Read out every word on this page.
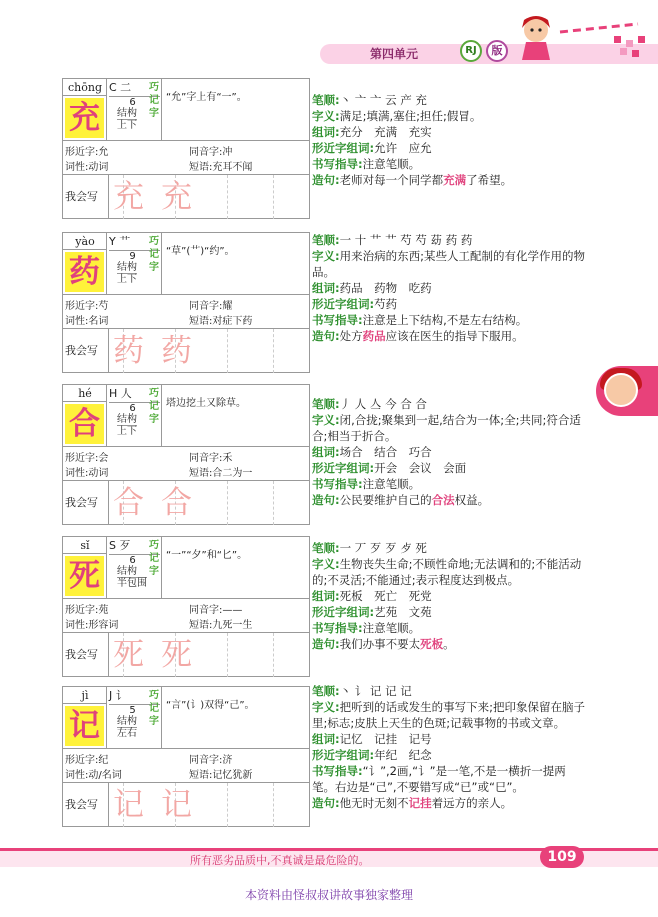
第四单元	RJ	版
chōng
充
C 二
6
结构
上下
巧记字
“允”字上有“一”。
形近字:允	同音字:冲
词性:动词	短语:充耳不闻
我会写 充 充
yào
药
Y 艹
9
结构
上下
巧记字
“草”(艹)“约”。
形近字:芍	同音字:耀
词性:名词	短语:对症下药
我会写 药 药
hé
合
H 人
6
结构
上下
巧记字
塔边挖土又除草。
形近字:会	同音字:禾
词性:动词	短语:合二为一
我会写 合 合
sǐ
死
S 歹
6
结构
半包围
巧记字
“一”“夕”和“匕”。
形近字:苑	同音字:——
词性:形容词	短语:九死一生
我会写 死 死
jì
记
J 讠
5
结构
左右
巧记字
“言”(讠)双得“己”。
形近字:纪	同音字:济
词性:动/名词	短语:记忆犹新
我会写 记 记
笔顺:丶 亠 亠 云 产 充
字义:满足;填满,塞住;担任;假冒。
组词:充分　充满　充实
形近字组词:允许　应允
书写指导:注意笔顺。
造句:老师对每一个同学都充满了希望。
笔顺:一 十 艹 艹 芍 芍 苭 药 药
字义:用来治病的东西;某些人工配制的有化学作用的物品。
组词:药品　药物　吃药
形近字组词:芍药
书写指导:注意是上下结构,不是左右结构。
造句:处方药品应该在医生的指导下服用。
笔顺:丿 人 亼 今 合 合
字义:闭,合拢;聚集到一起,结合为一体;全;共同;符合适合;相当于折合。
组词:场合　结合　巧合
形近字组词:开会　会议　会面
书写指导:注意笔顺。
造句:公民要维护自己的合法权益。
笔顺:一 丆 歹 歹 歺 死
字义:生物丧失生命;不顾性命地;无法调和的;不能活动的;不灵活;不能通过;表示程度达到极点。
组词:死板　死亡　死党
形近字组词:艺苑　文苑
书写指导:注意笔顺。
造句:我们办事不要太死板。
笔顺:丶 讠 记 记 记
字义:把听到的话或发生的事写下来;把印象保留在脑子里;标志;皮肤上天生的色斑;记载事物的书或文章。
组词:记忆　记挂　记号
形近字组词:年纪　纪念
书写指导:“讠”,2画,“讠”是一笔,不是一横折一提两笔。右边是“己”,不要错写成“已”或“巳”。
造句:他无时无刻不记挂着远方的亲人。
所有恶劣品质中,不真诚是最危险的。	109
本资料由怪叔叔讲故事独家整理
